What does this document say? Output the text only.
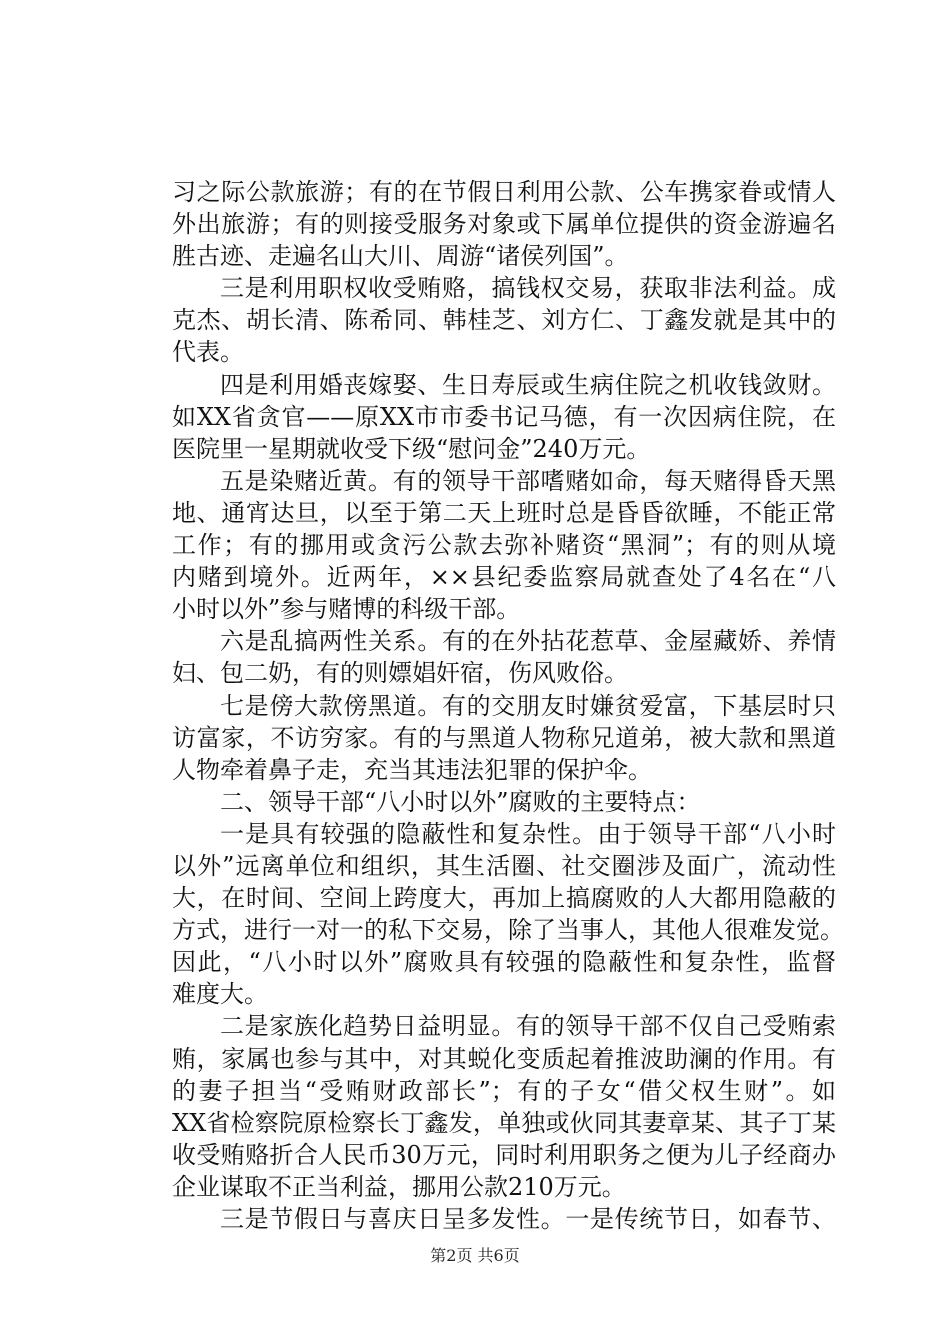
习之际公款旅游；有的在节假日利用公款、公车携家眷或情人
外出旅游；有的则接受服务对象或下属单位提供的资金游遍名
胜古迹、走遍名山大川、周游“诸侯列国”。
三是利用职权收受贿赂，搞钱权交易，获取非法利益。成
克杰、胡长清、陈希同、韩桂芝、刘方仁、丁鑫发就是其中的
代表。
四是利用婚丧嫁娶、生日寿辰或生病住院之机收钱敛财。
如XX省贪官——原XX市市委书记马德，有一次因病住院，在
医院里一星期就收受下级“慰问金”240万元。
五是染赌近黄。有的领导干部嗜赌如命，每天赌得昏天黑
地、通宵达旦，以至于第二天上班时总是昏昏欲睡，不能正常
工作；有的挪用或贪污公款去弥补赌资“黑洞”；有的则从境
内赌到境外。近两年，××县纪委监察局就查处了4名在“八
小时以外”参与赌博的科级干部。
六是乱搞两性关系。有的在外拈花惹草、金屋藏娇、养情
妇、包二奶，有的则嫖娼奸宿，伤风败俗。
七是傍大款傍黑道。有的交朋友时嫌贫爱富，下基层时只
访富家，不访穷家。有的与黑道人物称兄道弟，被大款和黑道
人物牵着鼻子走，充当其违法犯罪的保护伞。
二、领导干部“八小时以外”腐败的主要特点：
一是具有较强的隐蔽性和复杂性。由于领导干部“八小时
以外”远离单位和组织，其生活圈、社交圈涉及面广，流动性
大，在时间、空间上跨度大，再加上搞腐败的人大都用隐蔽的
方式，进行一对一的私下交易，除了当事人，其他人很难发觉。
因此，“八小时以外”腐败具有较强的隐蔽性和复杂性，监督
难度大。
二是家族化趋势日益明显。有的领导干部不仅自己受贿索
贿，家属也参与其中，对其蜕化变质起着推波助澜的作用。有
的妻子担当“受贿财政部长”；有的子女“借父权生财”。如
XX省检察院原检察长丁鑫发，单独或伙同其妻章某、其子丁某
收受贿赂折合人民币30万元，同时利用职务之便为儿子经商办
企业谋取不正当利益，挪用公款210万元。
三是节假日与喜庆日呈多发性。一是传统节日，如春节、
第2页 共6页
